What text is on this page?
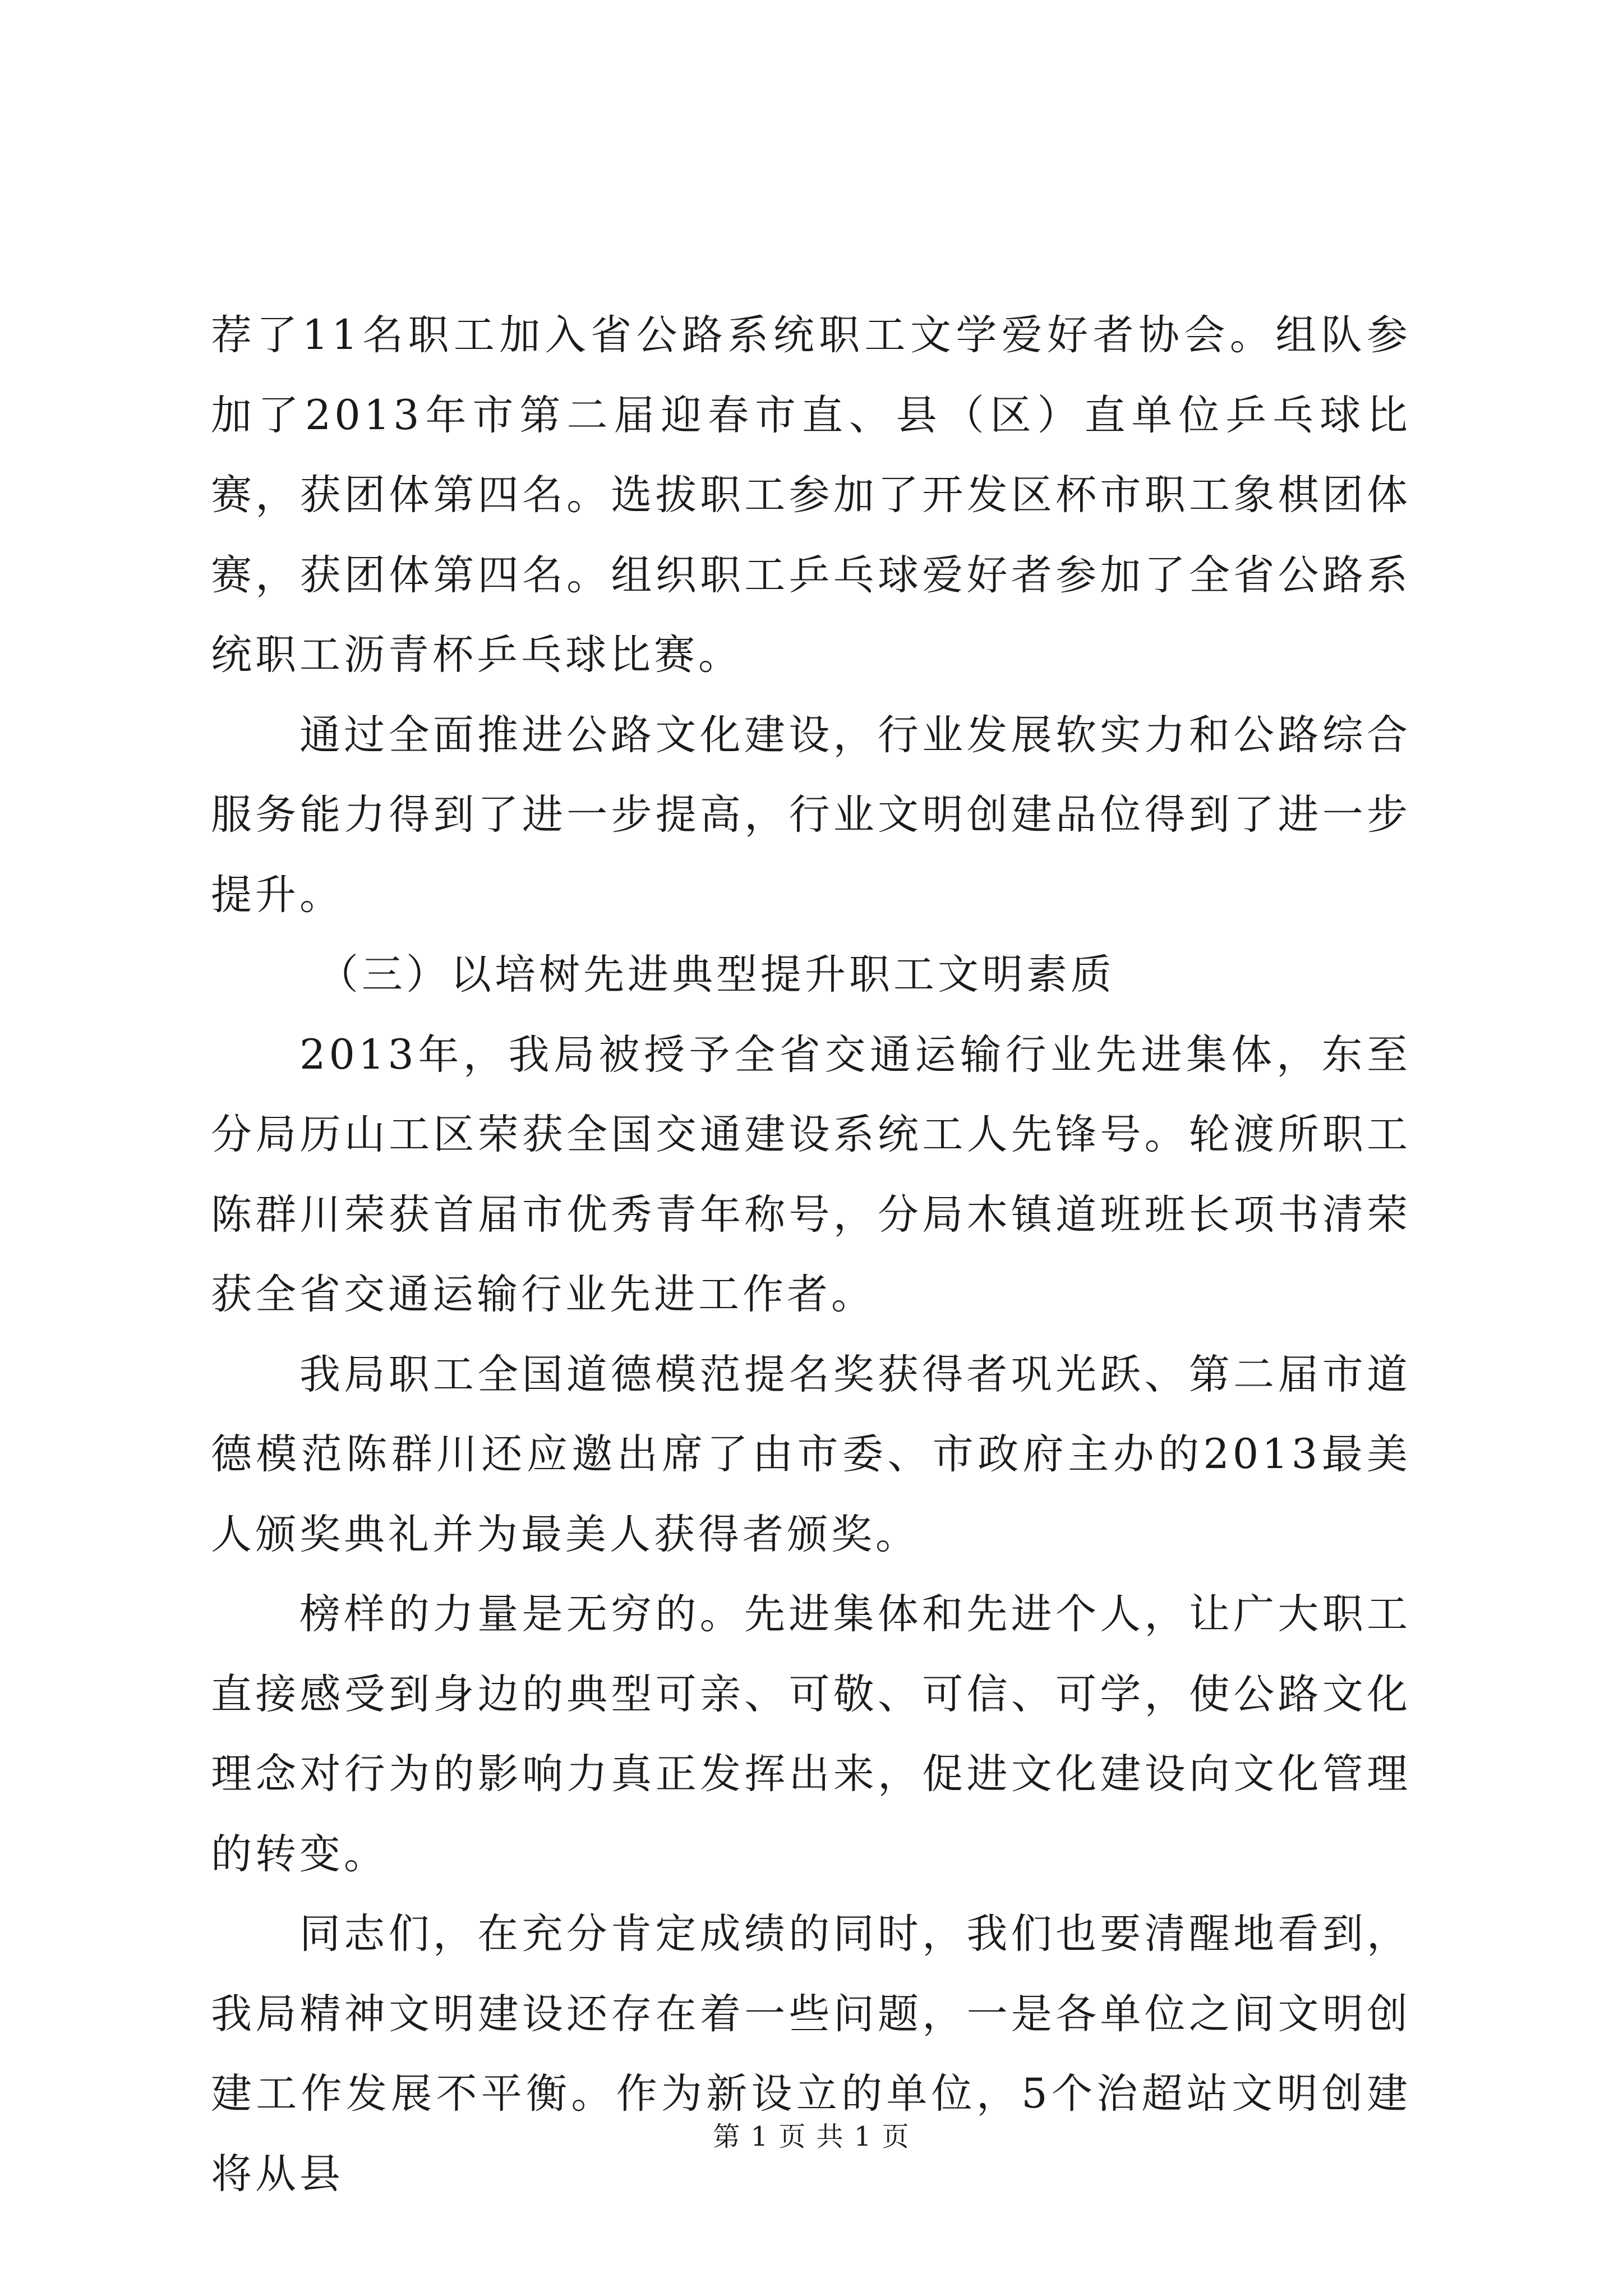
荐了11名职工加入省公路系统职工文学爱好者协会。组队参加了2013年市第二届迎春市直、县（区）直单位乒乓球比赛，获团体第四名。选拔职工参加了开发区杯市职工象棋团体赛，获团体第四名。组织职工乒乓球爱好者参加了全省公路系统职工沥青杯乒乓球比赛。

通过全面推进公路文化建设，行业发展软实力和公路综合服务能力得到了进一步提高，行业文明创建品位得到了进一步提升。

（三）以培树先进典型提升职工文明素质

2013年，我局被授予全省交通运输行业先进集体，东至分局历山工区荣获全国交通建设系统工人先锋号。轮渡所职工陈群川荣获首届市优秀青年称号，分局木镇道班班长项书清荣获全省交通运输行业先进工作者。

我局职工全国道德模范提名奖获得者巩光跃、第二届市道德模范陈群川还应邀出席了由市委、市政府主办的2013最美人颁奖典礼并为最美人获得者颁奖。

榜样的力量是无穷的。先进集体和先进个人，让广大职工直接感受到身边的典型可亲、可敬、可信、可学，使公路文化理念对行为的影响力真正发挥出来，促进文化建设向文化管理的转变。

同志们，在充分肯定成绩的同时，我们也要清醒地看到，我局精神文明建设还存在着一些问题，一是各单位之间文明创建工作发展不平衡。作为新设立的单位，5个治超站文明创建将从县

第 1 页 共 1 页
